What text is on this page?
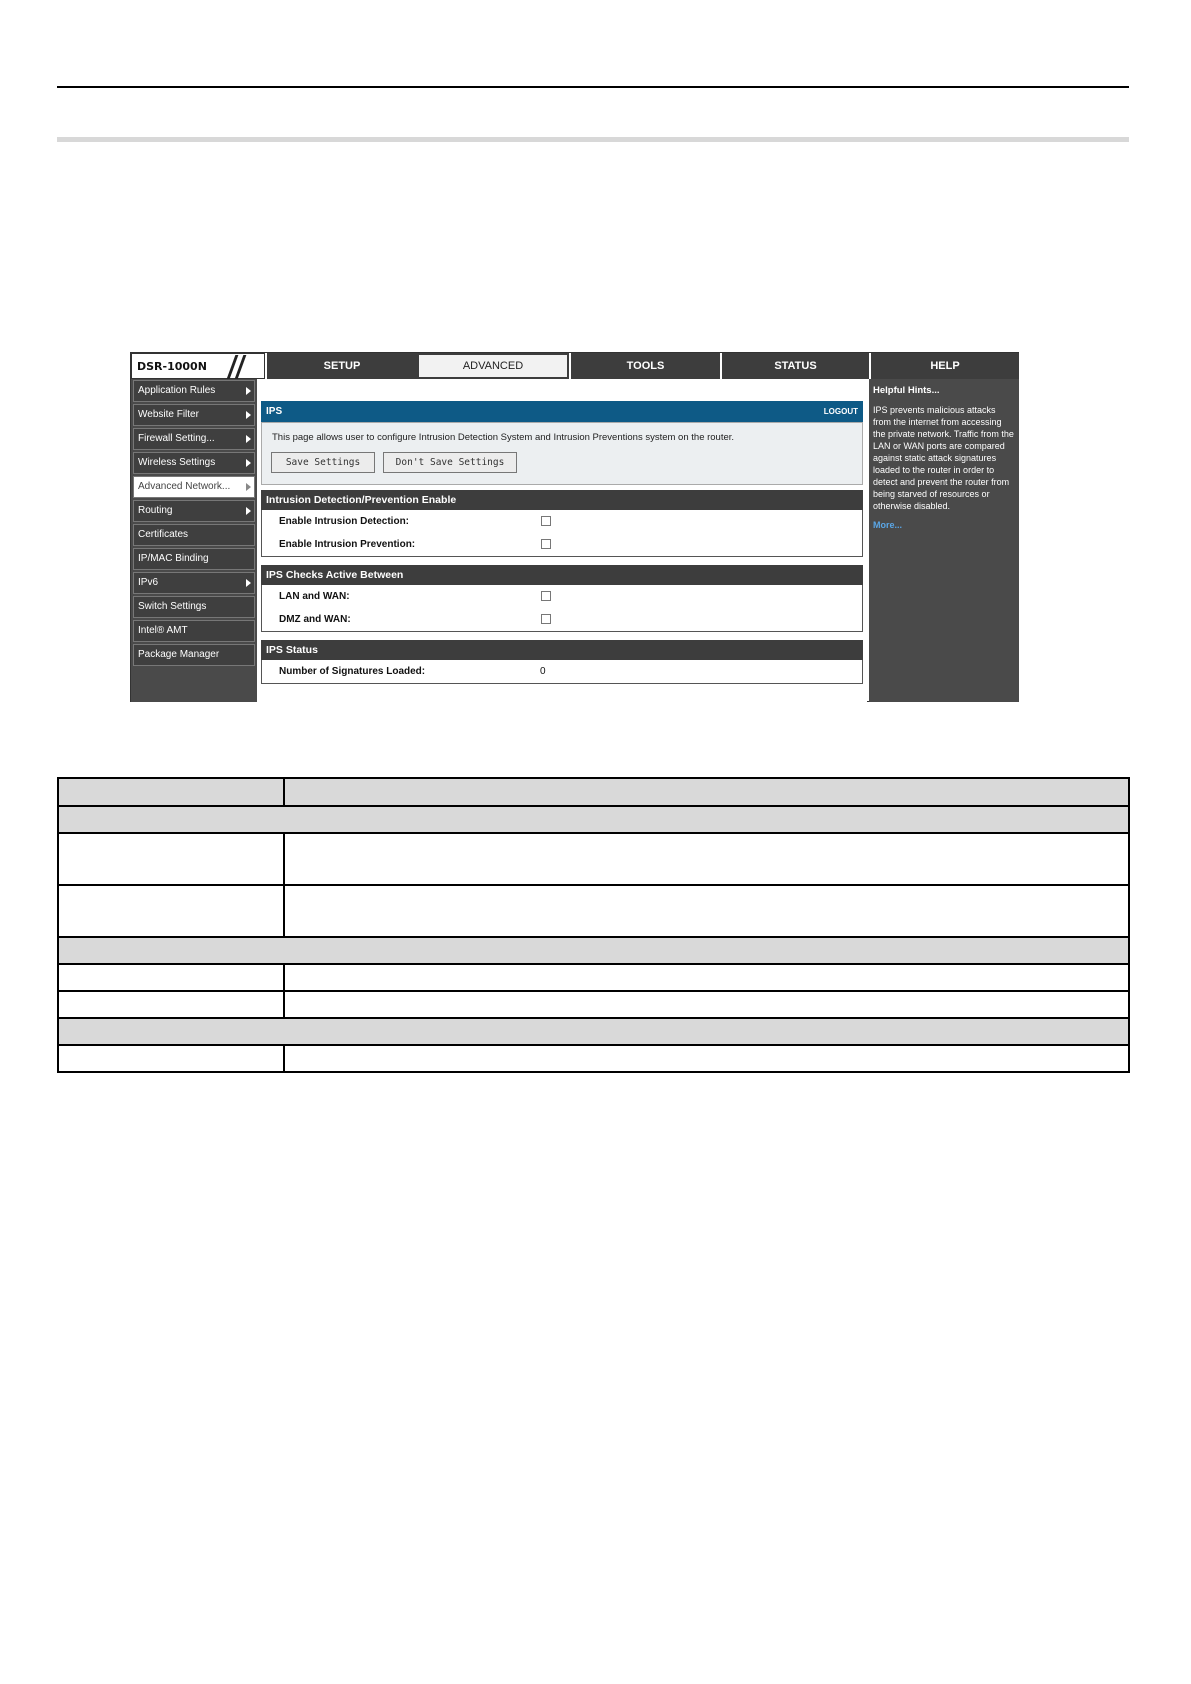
DSR-1000N	SETUP	ADVANCED	TOOLS	STATUS
Application Rules
Website Filter
Firewall Setting...
Wireless Settings
Advanced Network...
Routing
Certificates
IP/MAC Binding
IPv6
Switch Settings
Intel® AMT
Package Manager
IPS	LOGOUT
This page allows user to configure Intrusion Detection System and Intrusion Preventions system on the router.
Save Settings	Don't Save Settings
Intrusion Detection/Prevention Enable
Enable Intrusion Detection:
Enable Intrusion Prevention:
IPS Checks Active Between
LAN and WAN:
DMZ and WAN:
IPS Status
Number of Signatures Loaded:	0
HELP
Helpful Hints...
IPS prevents malicious attacks from the internet from accessing the private network. Traffic from the LAN or WAN ports are compared against static attack signatures loaded to the router in order to detect and prevent the router from being starved of resources or otherwise disabled.
More...
